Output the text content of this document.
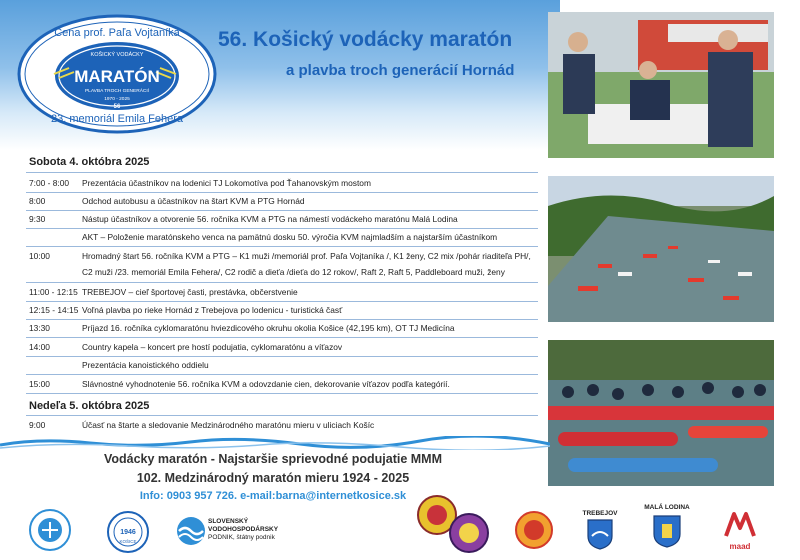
Cena prof. Paľa Vojtaníka
23. memoriál Emila Fehera
KOŠICKÝ VODÁCKY
MARATÓN
PLAVBA TROCH GENERÁCIÍ
1970 - 2025
56
56. Košický vodácky maratón
a plavba troch generácií Hornád
Sobota 4. októbra 2025
7:00 - 8:00 Prezentácia účastníkov na lodenici TJ Lokomotíva pod Ťahanovským mostom
8:00	Odchod autobusu a účastníkov na štart KVM a PTG Hornád
9:30	Nástup účastníkov a otvorenie 56. ročníka KVM a PTG na námestí vodáckeho maratónu Malá Lodina
AKT – Položenie maratónskeho venca na pamätnú dosku 50. výročia KVM najmladším a najstarším účastníkom
10:00	Hromadný štart 56. ročníka KVM a PTG – K1 muži /memoriál prof. Paľa Vojtaníka /, K1 ženy, C2 mix /pohár riaditeľa PH/,
C2 muži /23. memoriál Emila Fehera/, C2 rodič a dieťa /dieťa do 12 rokov/, Raft 2, Raft 5, Paddleboard muži, ženy
11:00 - 12:15 TREBEJOV – cieľ športovej časti, prestávka, občerstvenie
12:15 - 14:15 Voľná plavba po rieke Hornád z Trebejova po lodenicu - turistická časť
13:30	Príjazd 16. ročníka cyklomaratónu hviezdicového okruhu okolia Košice (42,195 km), OT TJ Medicína
14:00	Country kapela – koncert pre hostí podujatia, cyklomaratónu a víťazov
Prezentácia kanoistického oddielu
15:00	Slávnostné vyhodnotenie 56. ročníka KVM a odovzdanie cien, dekorovanie víťazov podľa kategórií.
Nedeľa 5. októbra 2025
9:00	Účasť na štarte a sledovanie Medzinárodného maratónu mieru v uliciach Košíc
Vodácky maratón - Najstaršie sprievodné podujatie MMM
102. Medzinárodný maratón mieru 1924 - 2025
Info: 0903 957 726. e-mail:barna@internetkosice.sk
1946
KOŠICE
SLOVENSKÝ
VODOHOSPODÁRSKY
PODNIK, štátny podnik
TREBEJOV
MALÁ LODINA
maad
